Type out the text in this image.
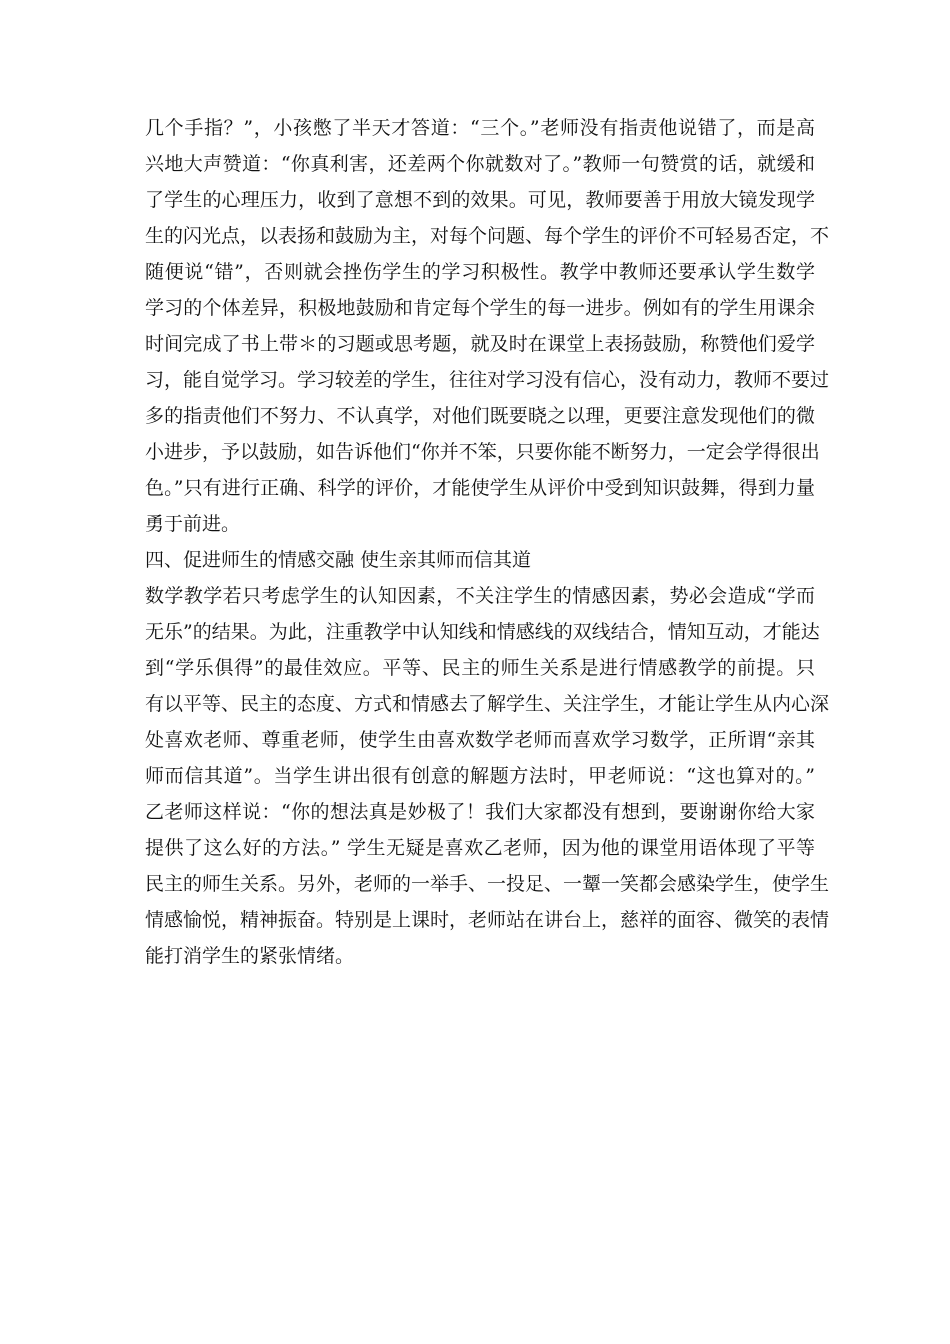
几个手指？”，小孩憋了半天才答道：“三个。”老师没有指责他说错了，而是高
兴地大声赞道：“你真利害，还差两个你就数对了。”教师一句赞赏的话，就缓和
了学生的心理压力，收到了意想不到的效果。可见，教师要善于用放大镜发现学
生的闪光点，以表扬和鼓励为主，对每个问题、每个学生的评价不可轻易否定，不
随便说“错”，否则就会挫伤学生的学习积极性。教学中教师还要承认学生数学
学习的个体差异，积极地鼓励和肯定每个学生的每一进步。例如有的学生用课余
时间完成了书上带＊的习题或思考题，就及时在课堂上表扬鼓励，称赞他们爱学
习，能自觉学习。学习较差的学生，往往对学习没有信心，没有动力，教师不要过
多的指责他们不努力、不认真学，对他们既要晓之以理，更要注意发现他们的微
小进步，予以鼓励，如告诉他们“你并不笨，只要你能不断努力，一定会学得很出
色。”只有进行正确、科学的评价，才能使学生从评价中受到知识鼓舞，得到力量
勇于前进。
四、促进师生的情感交融 使生亲其师而信其道
数学教学若只考虑学生的认知因素，不关注学生的情感因素，势必会造成“学而
无乐”的结果。为此，注重教学中认知线和情感线的双线结合，情知互动，才能达
到“学乐俱得”的最佳效应。平等、民主的师生关系是进行情感教学的前提。只
有以平等、民主的态度、方式和情感去了解学生、关注学生，才能让学生从内心深
处喜欢老师、尊重老师，使学生由喜欢数学老师而喜欢学习数学，正所谓“亲其
师而信其道”。当学生讲出很有创意的解题方法时，甲老师说：“这也算对的。”
乙老师这样说：“你的想法真是妙极了！我们大家都没有想到，要谢谢你给大家
提供了这么好的方法。” 学生无疑是喜欢乙老师，因为他的课堂用语体现了平等
民主的师生关系。另外，老师的一举手、一投足、一颦一笑都会感染学生，使学生
情感愉悦，精神振奋。特别是上课时，老师站在讲台上，慈祥的面容、微笑的表情
能打消学生的紧张情绪。
